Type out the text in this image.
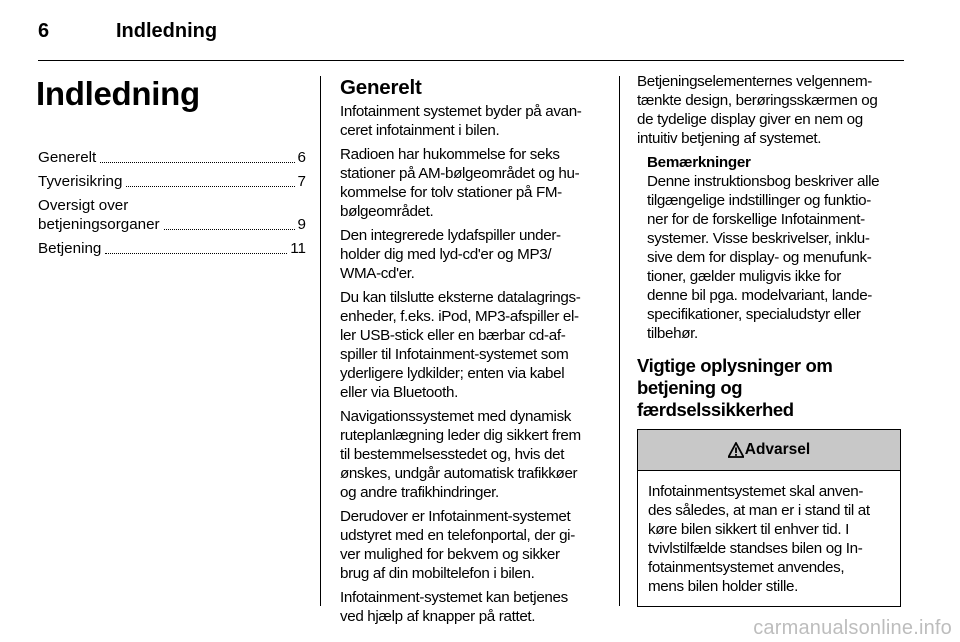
6	Indledning
Indledning
Generelt	6
Tyverisikring	7
Oversigt over
betjeningsorganer	9
Betjening	11
Generelt

Infotainment systemet byder på avan-
ceret infotainment i bilen.

Radioen har hukommelse for seks
stationer på AM-bølgeområdet og hu-
kommelse for tolv stationer på FM-
bølgeområdet.

Den integrerede lydafspiller under-
holder dig med lyd-cd'er og MP3/
WMA-cd'er.

Du kan tilslutte eksterne datalagrings-
enheder, f.eks. iPod, MP3-afspiller el-
ler USB-stick eller en bærbar cd-af-
spiller til Infotainment-systemet som
yderligere lydkilder; enten via kabel
eller via Bluetooth.

Navigationssystemet med dynamisk
ruteplanlægning leder dig sikkert frem
til bestemmelsesstedet og, hvis det
ønskes, undgår automatisk trafikkøer
og andre trafikhindringer.

Derudover er Infotainment-systemet
udstyret med en telefonportal, der gi-
ver mulighed for bekvem og sikker
brug af din mobiltelefon i bilen.

Infotainment-systemet kan betjenes
ved hjælp af knapper på rattet.

Betjeningselementernes velgennem-
tænkte design, berøringsskærmen og
de tydelige display giver en nem og
intuitiv betjening af systemet.

Bemærkninger

Denne instruktionsbog beskriver alle
tilgængelige indstillinger og funktio-
ner for de forskellige Infotainment-
systemer. Visse beskrivelser, inklu-
sive dem for display- og menufunk-
tioner, gælder muligvis ikke for
denne bil pga. modelvariant, lande-
specifikationer, specialudstyr eller
tilbehør.

Vigtige oplysninger om
betjening og færdselssikkerhed
Advarsel
Infotainmentsystemet skal anven-
des således, at man er i stand til at
køre bilen sikkert til enhver tid. I
tvivlstilfælde standses bilen og In-
fotainmentsystemet anvendes,
mens bilen holder stille.
carmanualsonline.info
